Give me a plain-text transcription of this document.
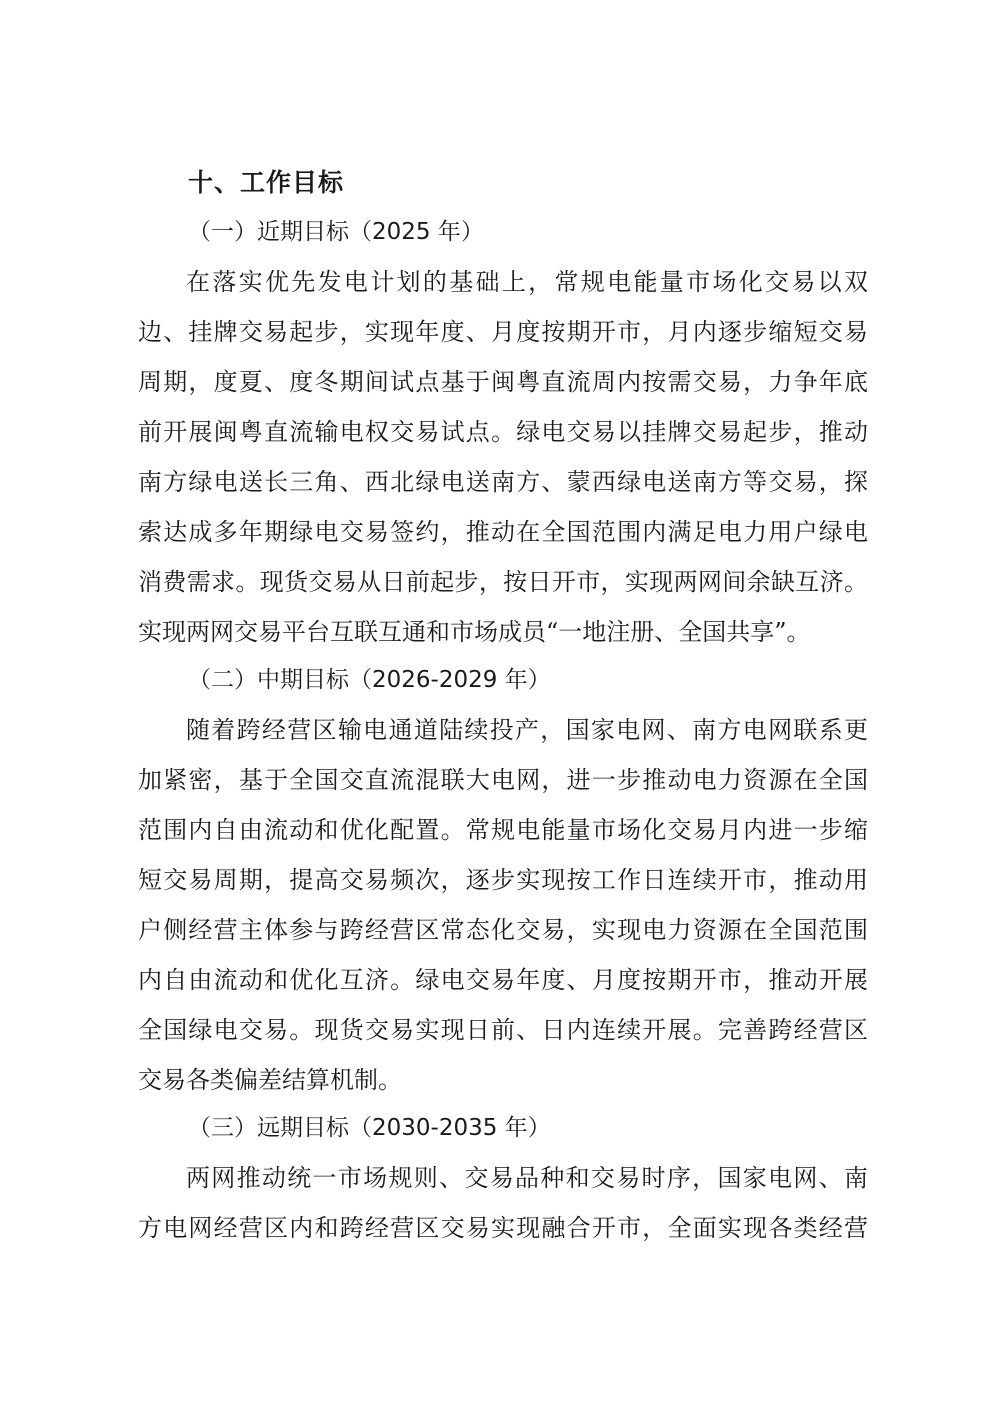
十、工作目标

（一）近期目标（2025 年）

在落实优先发电计划的基础上，常规电能量市场化交易以双

边、挂牌交易起步，实现年度、月度按期开市，月内逐步缩短交易

周期，度夏、度冬期间试点基于闽粤直流周内按需交易，力争年底

前开展闽粤直流输电权交易试点。绿电交易以挂牌交易起步，推动

南方绿电送长三角、西北绿电送南方、蒙西绿电送南方等交易，探

索达成多年期绿电交易签约，推动在全国范围内满足电力用户绿电

消费需求。现货交易从日前起步，按日开市，实现两网间余缺互济。

实现两网交易平台互联互通和市场成员“一地注册、全国共享”。

（二）中期目标（2026-2029 年）

随着跨经营区输电通道陆续投产，国家电网、南方电网联系更

加紧密，基于全国交直流混联大电网，进一步推动电力资源在全国

范围内自由流动和优化配置。常规电能量市场化交易月内进一步缩

短交易周期，提高交易频次，逐步实现按工作日连续开市，推动用

户侧经营主体参与跨经营区常态化交易，实现电力资源在全国范围

内自由流动和优化互济。绿电交易年度、月度按期开市，推动开展

全国绿电交易。现货交易实现日前、日内连续开展。完善跨经营区

交易各类偏差结算机制。

（三）远期目标（2030-2035 年）

两网推动统一市场规则、交易品种和交易时序，国家电网、南

方电网经营区内和跨经营区交易实现融合开市，全面实现各类经营
